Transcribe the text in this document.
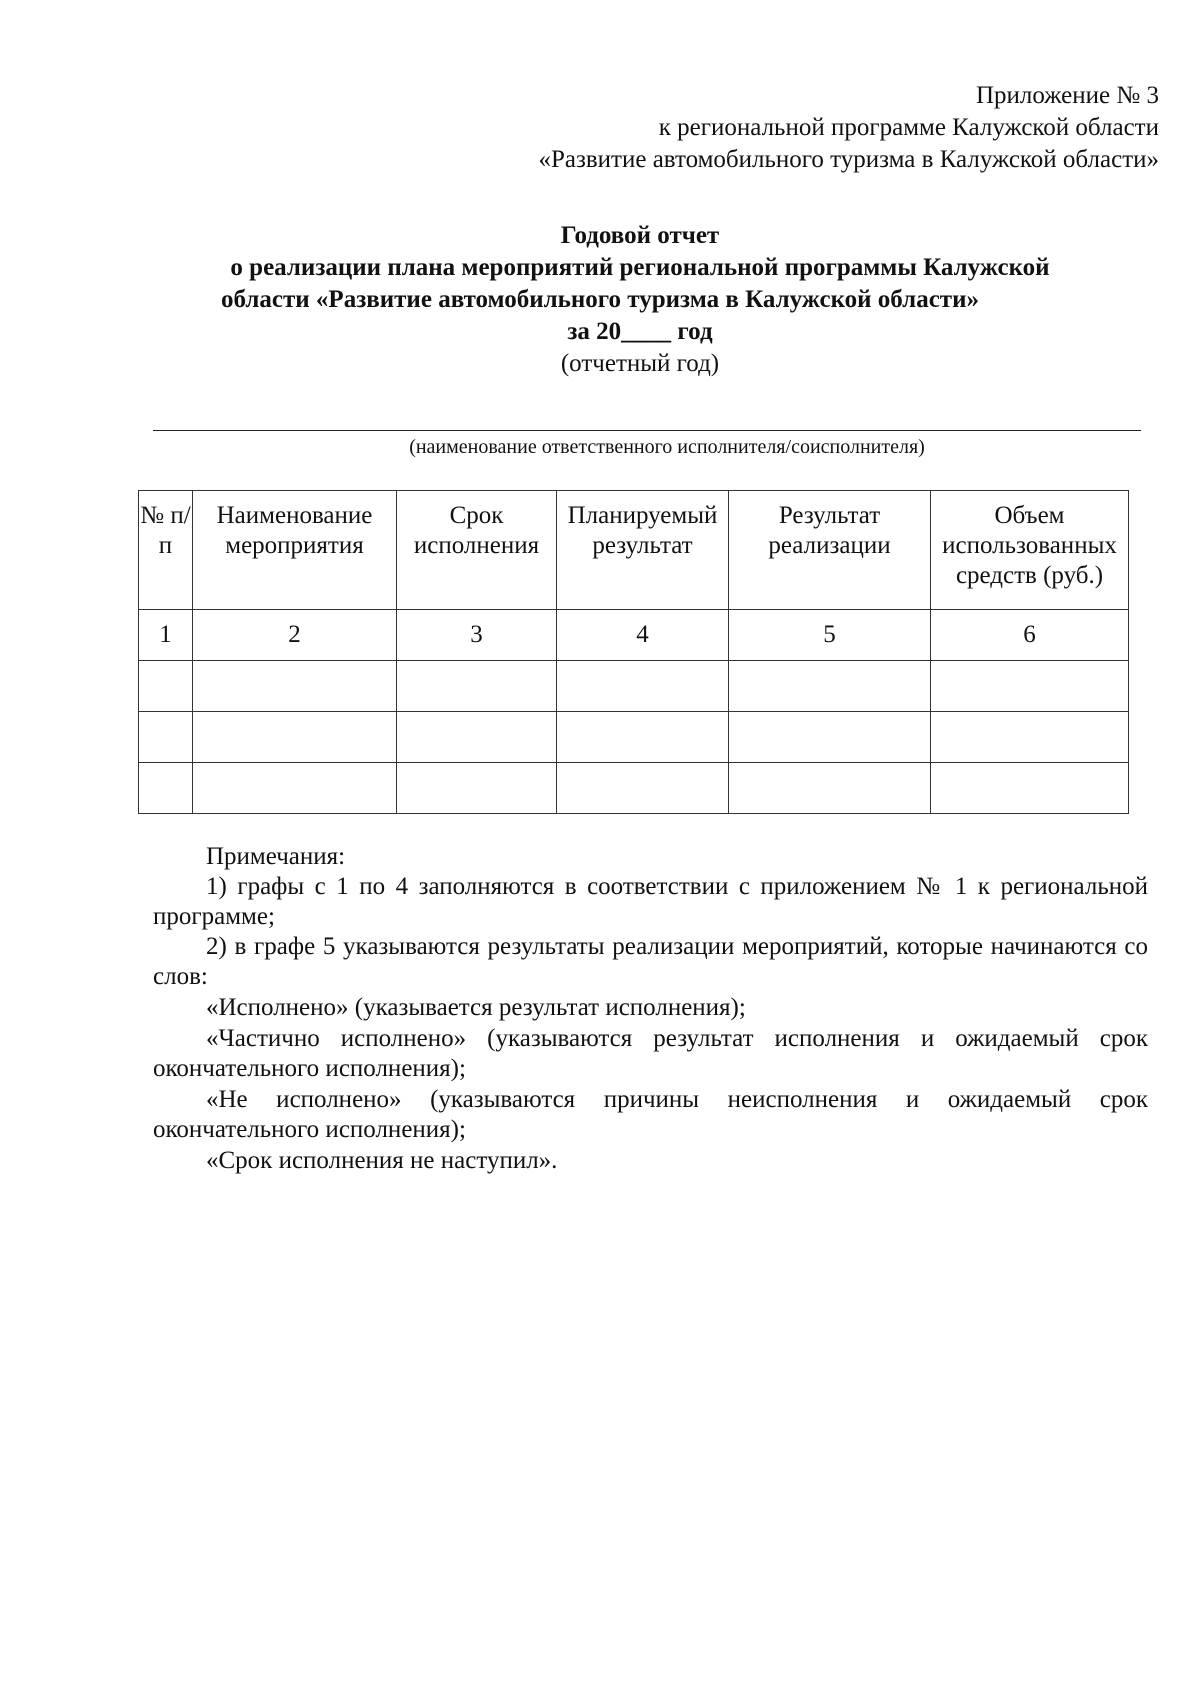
Приложение № 3
к региональной программе Калужской области
«Развитие автомобильного туризма в Калужской области»
Годовой отчет
о реализации плана мероприятий региональной программы Калужской
области «Развитие автомобильного туризма в Калужской области»
за 20____ год
(отчетный год)
(наименование ответственного исполнителя/соисполнителя)
№ п/п	Наименование мероприятия	Срок исполнения	Планируемый результат	Результат реализации	Объем использованных средств (руб.)
1	2	3	4	5	6

Примечания:

1) графы с 1 по 4 заполняются в соответствии с приложением № 1 к региональной программе;

2) в графе 5 указываются результаты реализации мероприятий, которые начинаются со слов:

«Исполнено» (указывается результат исполнения);

«Частично исполнено» (указываются результат исполнения и ожидаемый срок окончательного исполнения);

«Не исполнено» (указываются причины неисполнения и ожидаемый срок окончательного исполнения);

«Срок исполнения не наступил».
